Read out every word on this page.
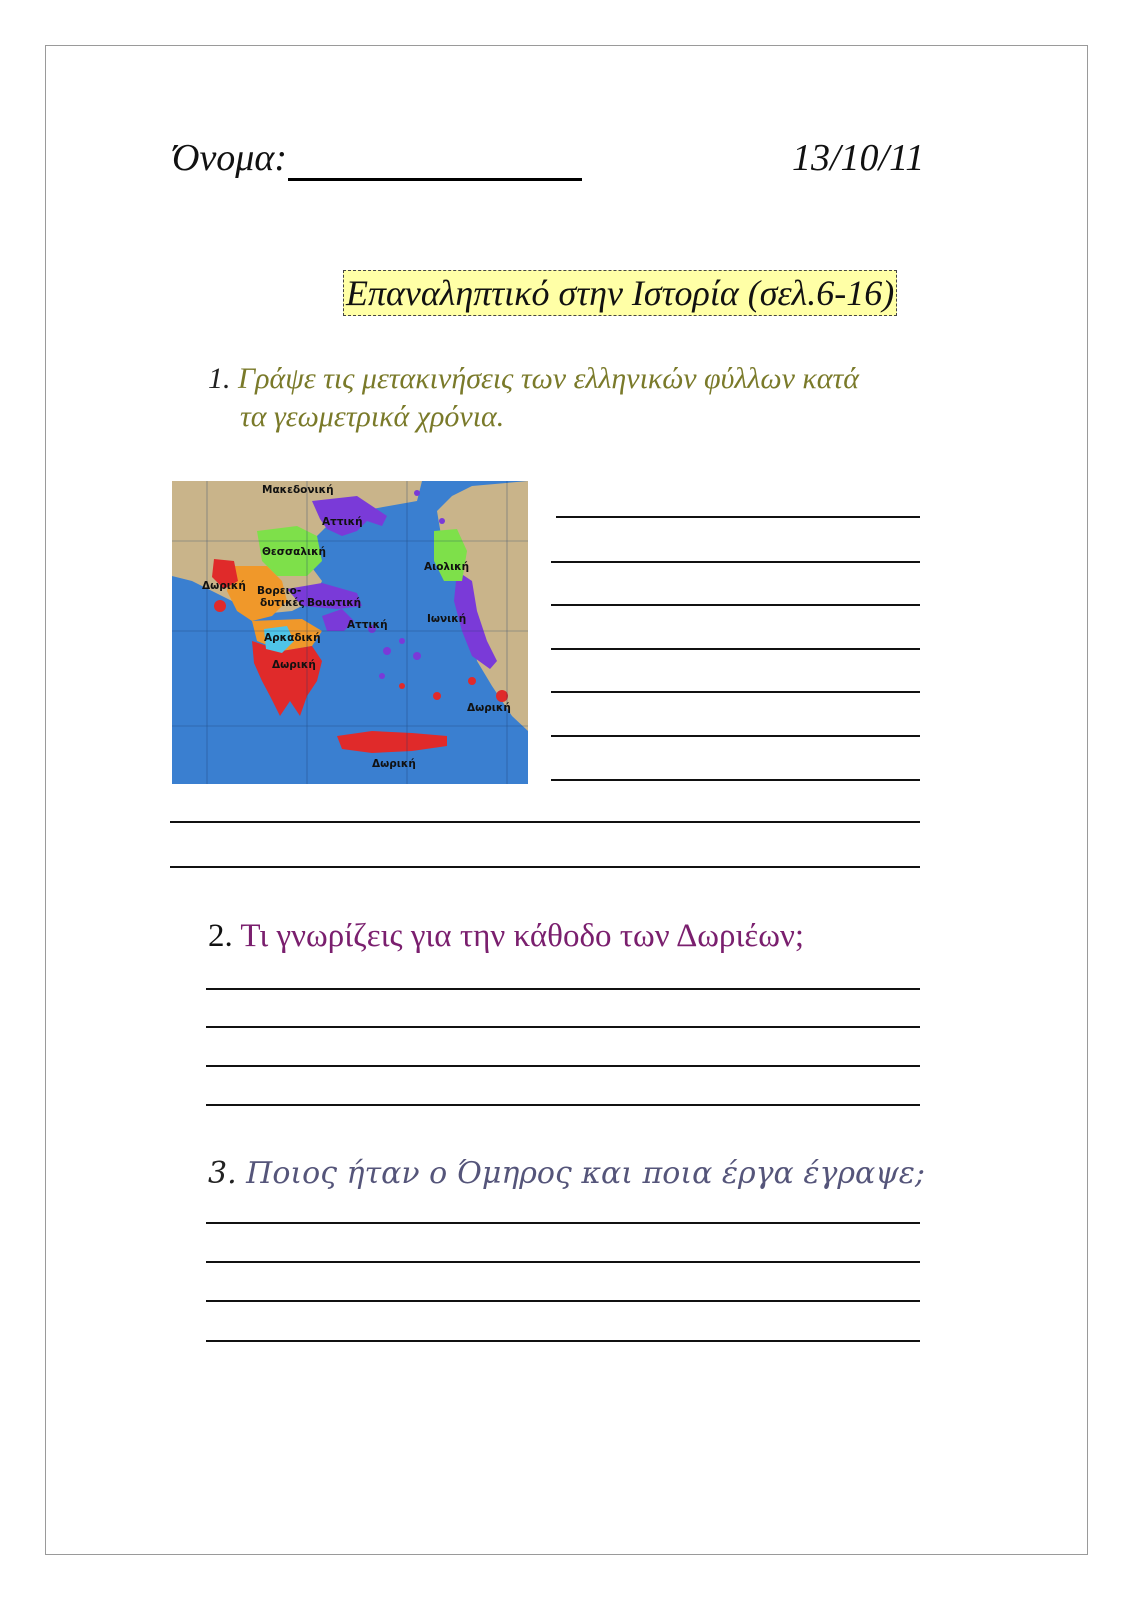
Όνομα:	13/10/11
Επαναληπτικό στην Ιστορία (σελ.6-16)
1. Γράψε τις μετακινήσεις των ελληνικών φύλλων κατά
τα γεωμετρικά χρόνια.
Μακεδονική
Αττική
Θεσσαλική
Αιολική
Δωρική Βορειο-
δυτικές Βοιωτική
Ιωνική
Αττική
Αρκαδική
Δωρική
Δωρική
Δωρική
2. Τι γνωρίζεις για την κάθοδο των Δωριέων;
3. Ποιος ήταν ο Όμηρος και ποια έργα έγραψε;
